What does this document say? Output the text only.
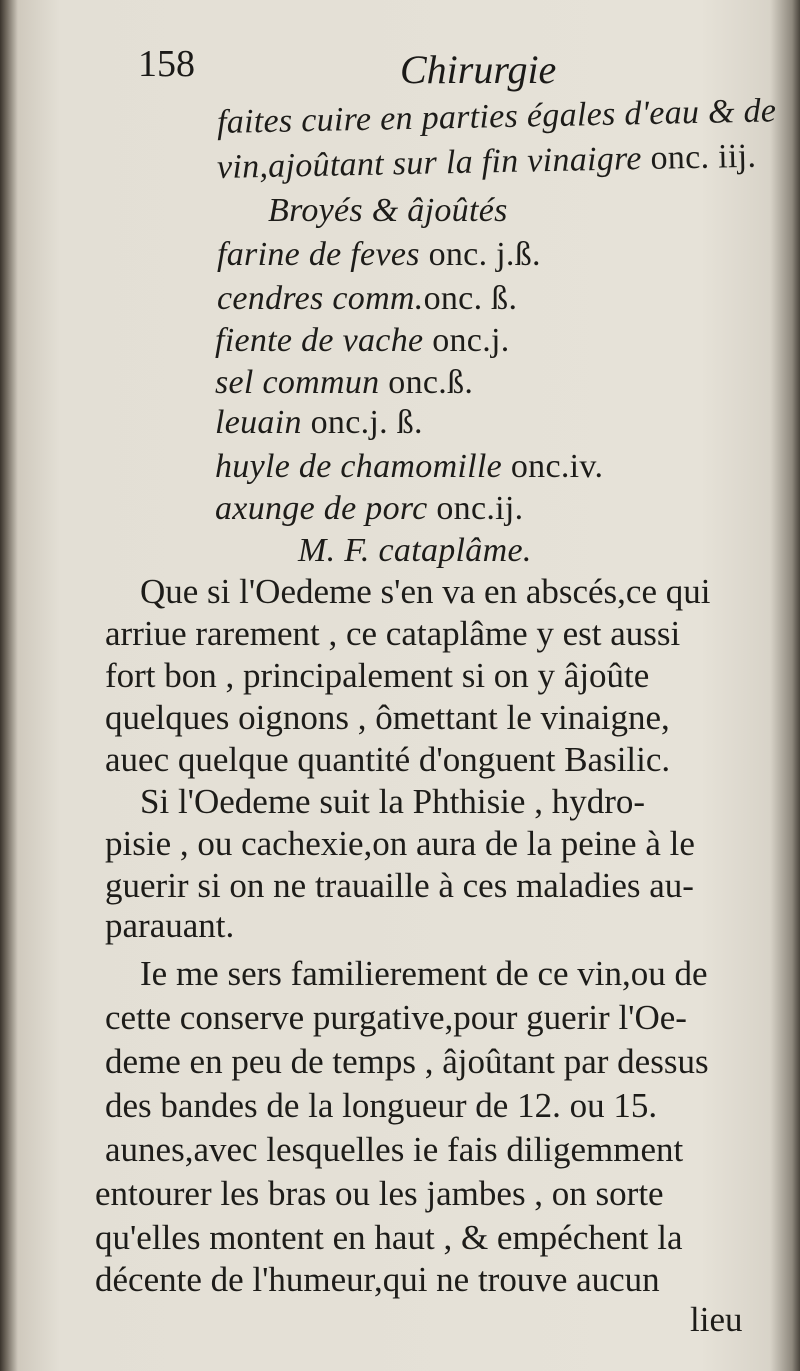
158	Chirurgie
faites cuire en parties égales d'eau & de
vin,ajoûtant sur la fin vinaigre onc. iij.
Broyés & âjoûtés
farine de feves onc. j.ß.
cendres comm.onc. ß.
fiente de vache onc.j.
sel commun onc.ß.
leuain onc.j. ß.
huyle de chamomille onc.iv.
axunge de porc onc.ij.
M. F. cataplâme.
Que si l'Oedeme s'en va en abscés,ce qui
arriue rarement , ce cataplâme y est aussi
fort bon , principalement si on y âjoûte
quelques oignons , ômettant le vinaigne,
auec quelque quantité d'onguent Basilic.
Si l'Oedeme suit la Phthisie , hydro-
pisie , ou cachexie,on aura de la peine à le
guerir si on ne trauaille à ces maladies au-
parauant.
Ie me sers familierement de ce vin,ou de
cette conserve purgative,pour guerir l'Oe-
deme en peu de temps , âjoûtant par dessus
des bandes de la longueur de 12. ou 15.
aunes,avec lesquelles ie fais diligemment
entourer les bras ou les jambes , on sorte
qu'elles montent en haut , & empéchent la
décente de l'humeur,qui ne trouve aucun
lieu
